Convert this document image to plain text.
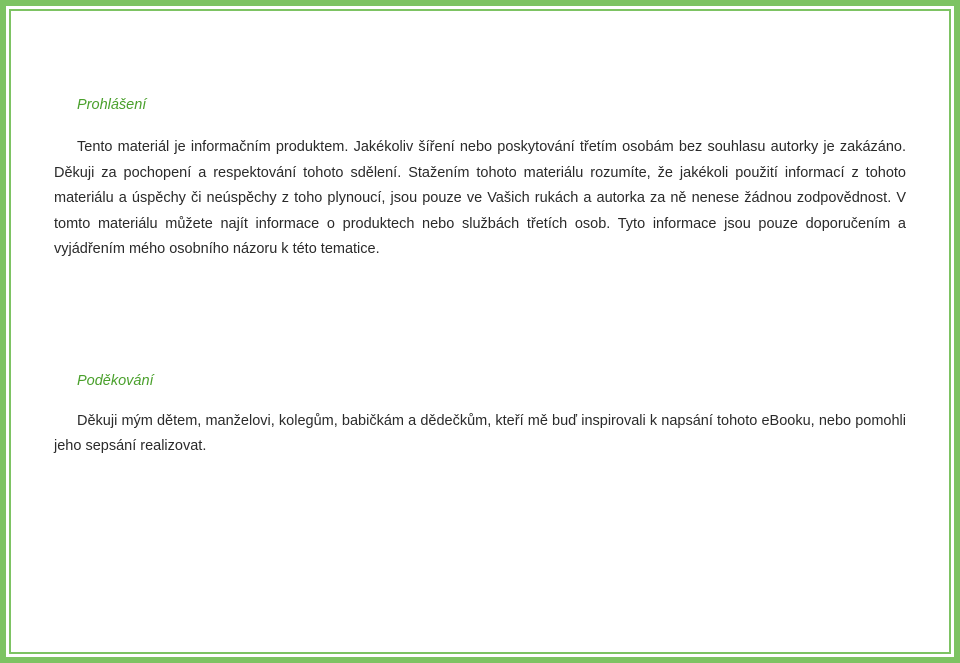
Prohlášení

Tento materiál je informačním produktem. Jakékoliv šíření nebo poskytování třetím osobám bez souhlasu autorky je zakázáno. Děkuji za pochopení a respektování tohoto sdělení. Stažením tohoto materiálu rozumíte, že jakékoli použití informací z tohoto materiálu a úspěchy či neúspěchy z toho plynoucí, jsou pouze ve Vašich rukách a autorka za ně nenese žádnou zodpovědnost. V tomto materiálu můžete najít informace o produktech nebo službách třetích osob. Tyto informace jsou pouze doporučením a vyjádřením mého osobního názoru k této tematice.

Poděkování

Děkuji mým dětem, manželovi, kolegům, babičkám a dědečkům, kteří mě buď inspirovali k napsání tohoto eBooku, nebo pomohli jeho sepsání realizovat.
